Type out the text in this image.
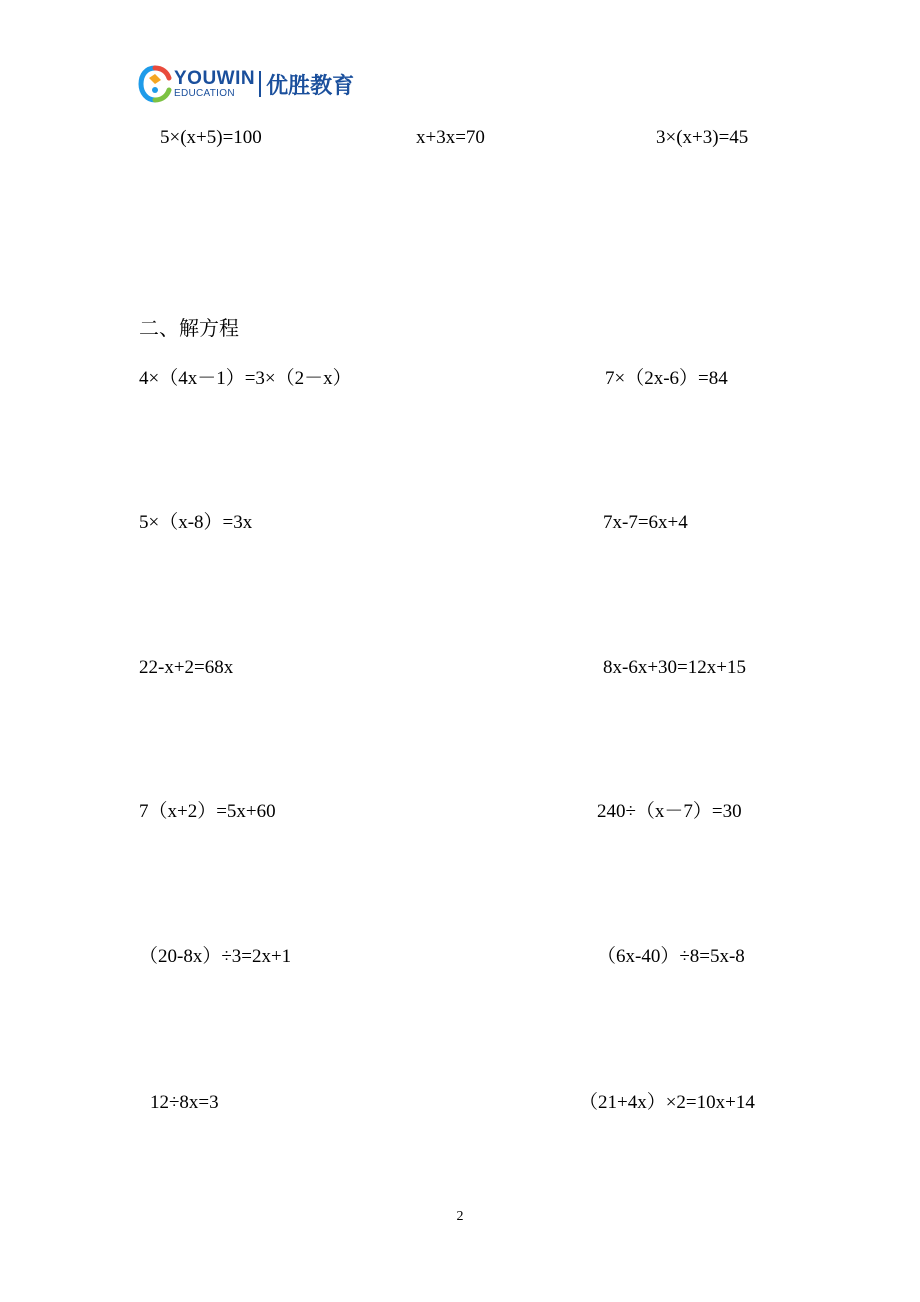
YOUWIN
EDUCATION	优胜教育
5×(x+5)=100	x+3x=70	3×(x+3)=45
二、解方程
4×（4x－1）=3×（2－x）	7×（2x-6）=84
5×（x-8）=3x	7x-7=6x+4
22-x+2=68x	8x-6x+30=12x+15
7（x+2）=5x+60	240÷（x－7）=30
（20-8x）÷3=2x+1	（6x-40）÷8=5x-8
12÷8x=3	（21+4x）×2=10x+14
2
